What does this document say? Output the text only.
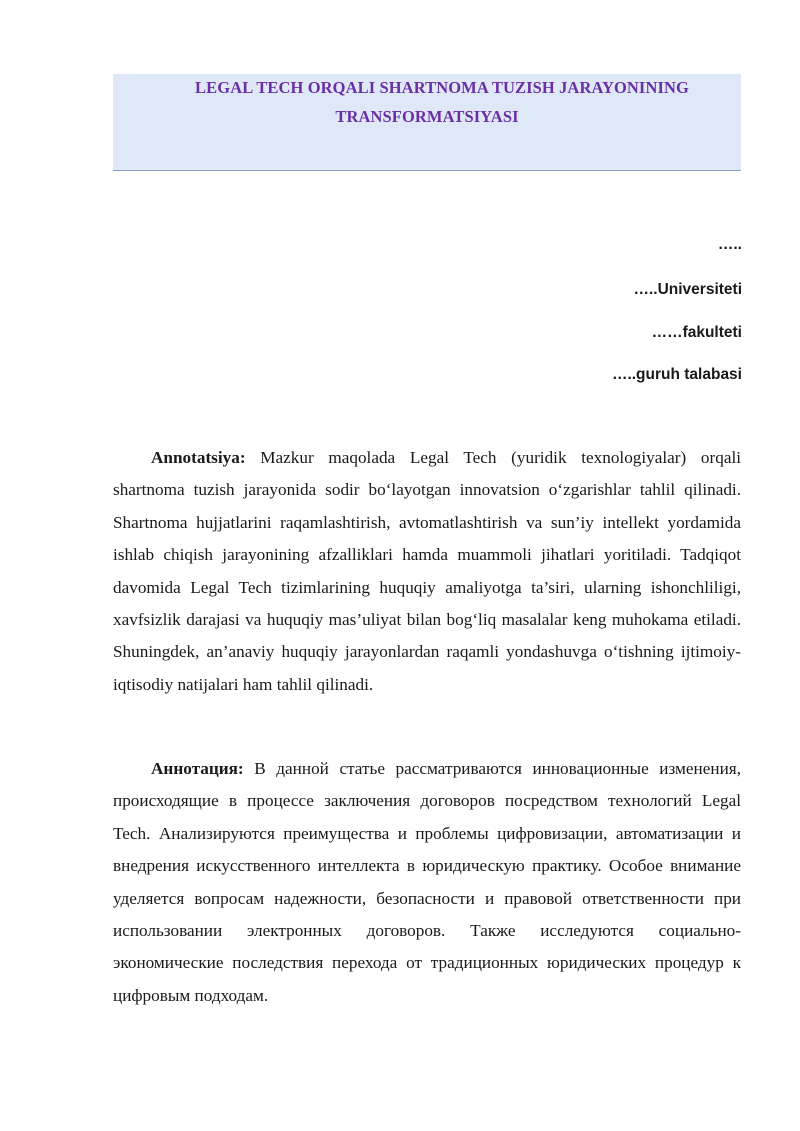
LEGAL TECH ORQALI SHARTNOMA TUZISH JARAYONINING
TRANSFORMATSIYASI
…..
…..Universiteti
……fakulteti
…..guruh talabasi
Annotatsiya: Mazkur maqolada Legal Tech (yuridik texnologiyalar) orqali shartnoma tuzish jarayonida sodir bo‘layotgan innovatsion o‘zgarishlar tahlil qilinadi. Shartnoma hujjatlarini raqamlashtirish, avtomatlashtirish va sun’iy intellekt yordamida ishlab chiqish jarayonining afzalliklari hamda muammoli jihatlari yoritiladi. Tadqiqot davomida Legal Tech tizimlarining huquqiy amaliyotga ta’siri, ularning ishonchliligi, xavfsizlik darajasi va huquqiy mas’uliyat bilan bog‘liq masalalar keng muhokama etiladi. Shuningdek, an’anaviy huquqiy jarayonlardan raqamli yondashuvga o‘tishning ijtimoiy-iqtisodiy natijalari ham tahlil qilinadi.
Аннотация: В данной статье рассматриваются инновационные изменения, происходящие в процессе заключения договоров посредством технологий Legal Tech. Анализируются преимущества и проблемы цифровизации, автоматизации и внедрения искусственного интеллекта в юридическую практику. Особое внимание уделяется вопросам надежности, безопасности и правовой ответственности при использовании электронных договоров. Также исследуются социально-экономические последствия перехода от традиционных юридических процедур к цифровым подходам.
